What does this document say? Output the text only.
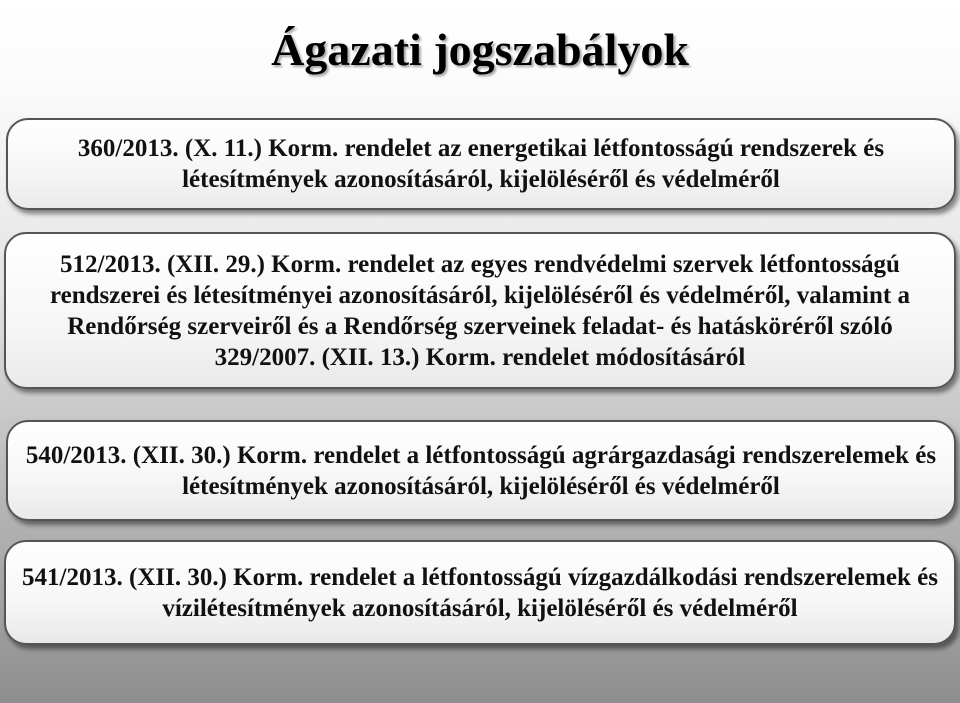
Ágazati jogszabályok
360/2013. (X. 11.) Korm. rendelet az energetikai létfontosságú rendszerek és létesítmények azonosításáról, kijelöléséről és védelméről
512/2013. (XII. 29.) Korm. rendelet az egyes rendvédelmi szervek létfontosságú rendszerei és létesítményei azonosításáról, kijelöléséről és védelméről, valamint a Rendőrség szerveiről és a Rendőrség szerveinek feladat- és hatásköréről szóló 329/2007. (XII. 13.) Korm. rendelet módosításáról
540/2013. (XII. 30.) Korm. rendelet a létfontosságú agrárgazdasági rendszerelemek és létesítmények azonosításáról, kijelöléséről és védelméről
541/2013. (XII. 30.) Korm. rendelet a létfontosságú vízgazdálkodási rendszerelemek és vízilétesítmények azonosításáról, kijelöléséről és védelméről
